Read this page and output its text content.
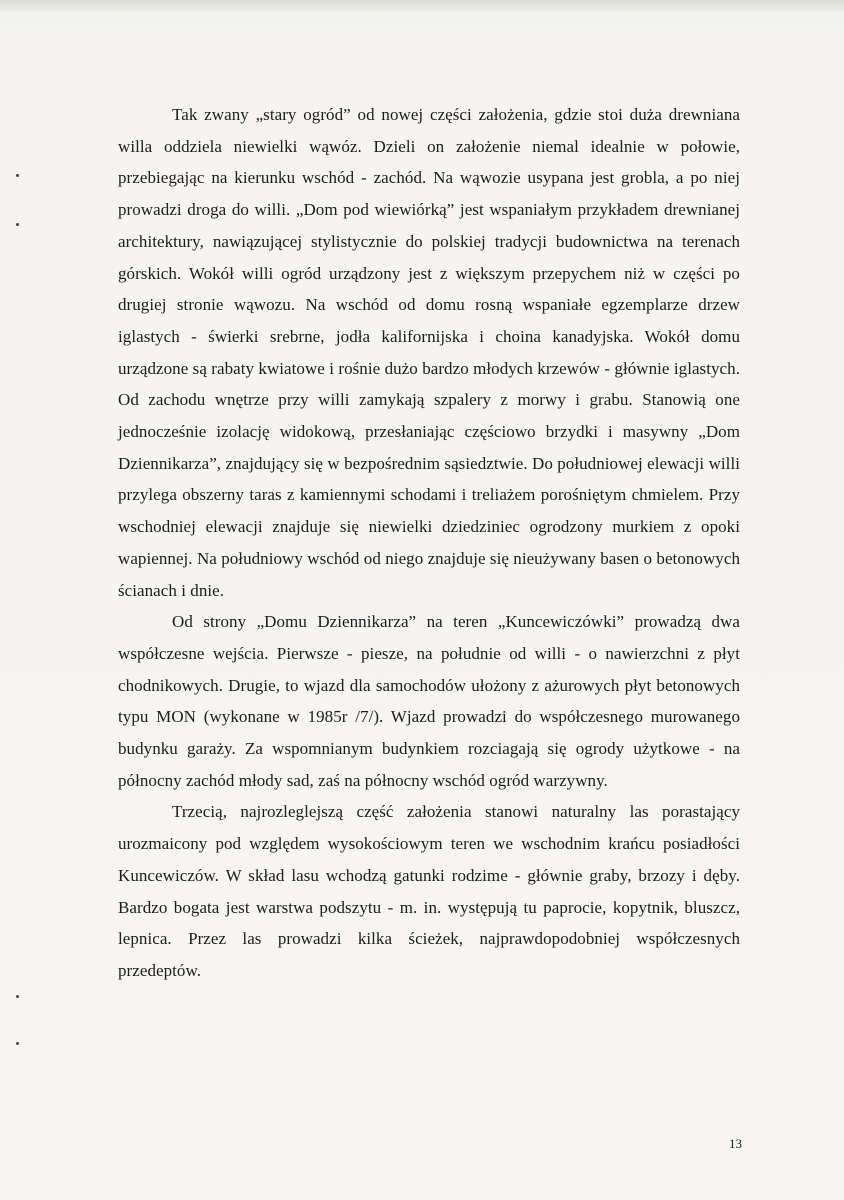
Tak zwany „stary ogród” od nowej części założenia, gdzie stoi duża drewniana willa oddziela niewielki wąwóz. Dzieli on założenie niemal idealnie w połowie, przebiegając na kierunku wschód - zachód. Na wąwozie usypana jest grobla, a po niej prowadzi droga do willi. „Dom pod wiewiórką” jest wspaniałym przykładem drewnianej architektury, nawiązującej stylistycznie do polskiej tradycji budownictwa na terenach górskich. Wokół willi ogród urządzony jest z większym przepychem niż w części po drugiej stronie wąwozu. Na wschód od domu rosną wspaniałe egzemplarze drzew iglastych - świerki srebrne, jodła kalifornijska i choina kanadyjska. Wokół domu urządzone są rabaty kwiatowe i rośnie dużo bardzo młodych krzewów - głównie iglastych. Od zachodu wnętrze przy willi zamykają szpalery z morwy i grabu. Stanowią one jednocześnie izolację widokową, przesłaniając częściowo brzydki i masywny „Dom Dziennikarza”, znajdujący się w bezpośrednim sąsiedztwie. Do południowej elewacji willi przylega obszerny taras z kamiennymi schodami i treliażem porośniętym chmielem. Przy wschodniej elewacji znajduje się niewielki dziedziniec ogrodzony murkiem z opoki wapiennej. Na południowy wschód od niego znajduje się nieużywany basen o betonowych ścianach i dnie.

Od strony „Domu Dziennikarza” na teren „Kuncewiczówki” prowadzą dwa współczesne wejścia. Pierwsze - piesze, na południe od willi - o nawierzchni z płyt chodnikowych. Drugie, to wjazd dla samochodów ułożony z ażurowych płyt betonowych typu MON (wykonane w 1985r /7/). Wjazd prowadzi do współczesnego murowanego budynku garaży. Za wspomnianym budynkiem rozciagają się ogrody użytkowe - na północny zachód młody sad, zaś na północny wschód ogród warzywny.

Trzecią, najrozleglejszą część założenia stanowi naturalny las porastający urozmaicony pod względem wysokościowym teren we wschodnim krańcu posiadłości Kuncewiczów. W skład lasu wchodzą gatunki rodzime - głównie graby, brzozy i dęby. Bardzo bogata jest warstwa podszytu - m. in. występują tu paprocie, kopytnik, bluszcz, lepnica. Przez las prowadzi kilka ścieżek, najprawdopodobniej współczesnych przedeptów.

13
